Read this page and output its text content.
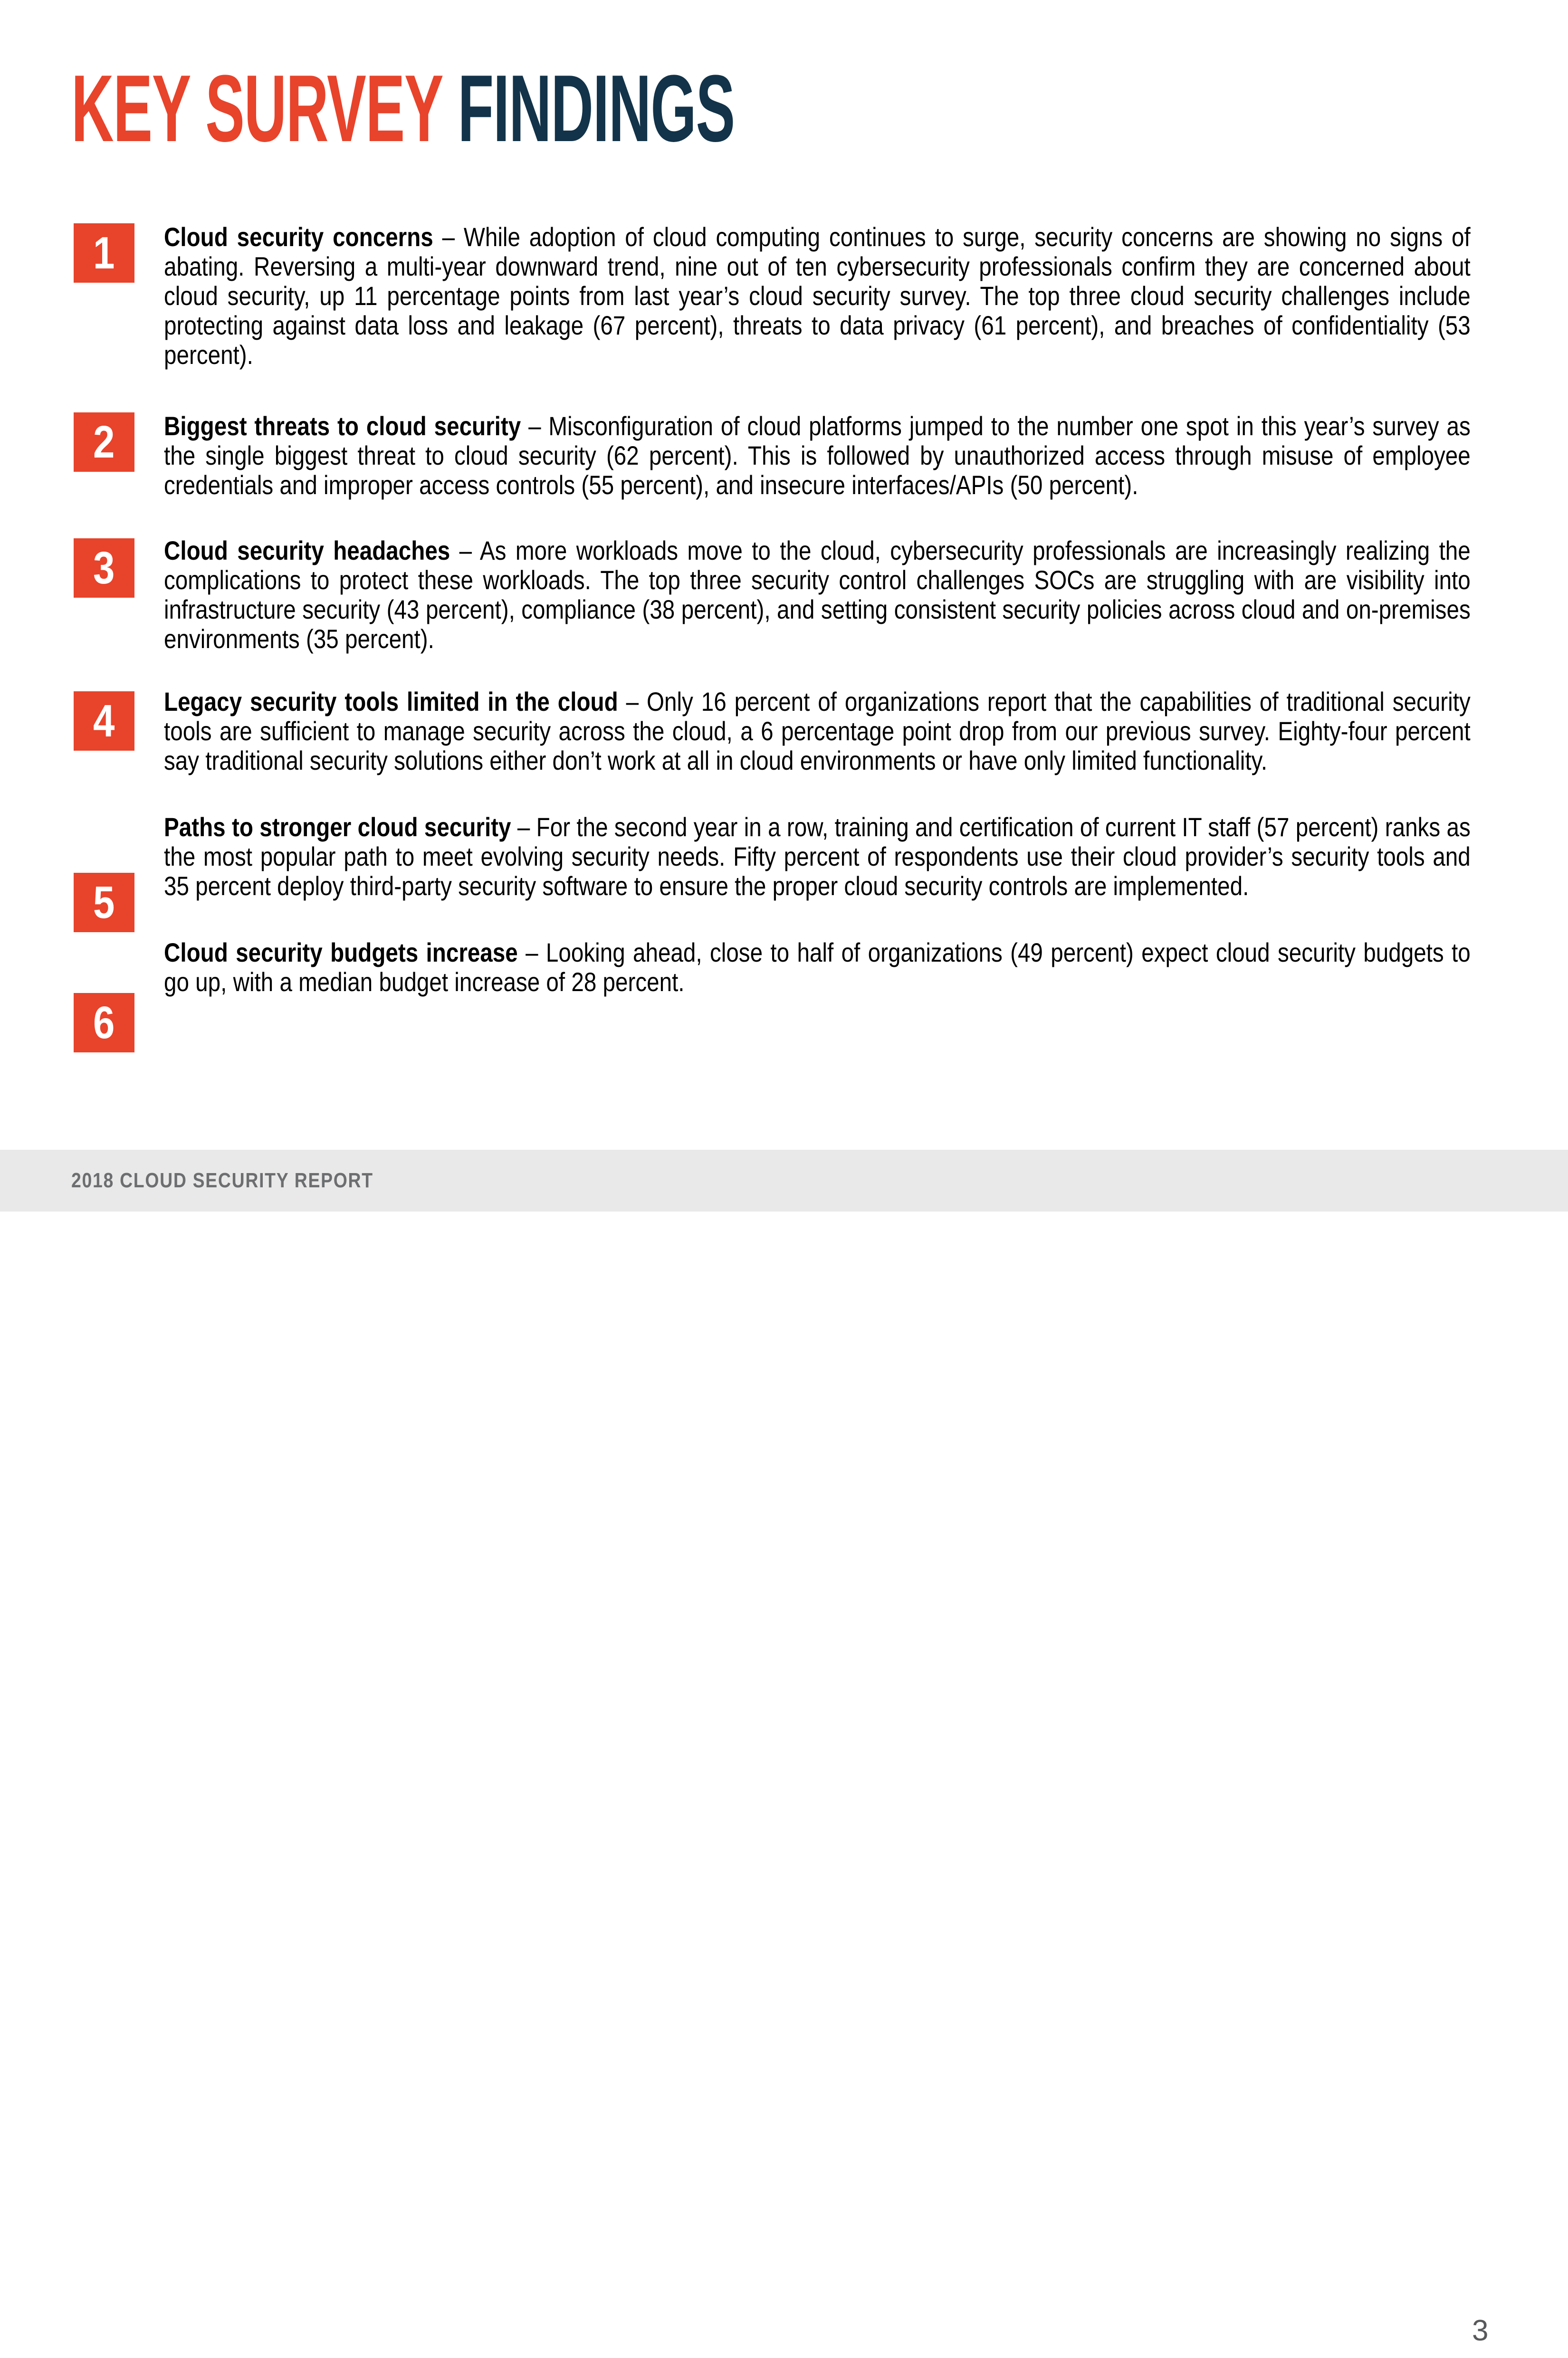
KEY SURVEY FINDINGS
1
2
3
4
5
6

Cloud security concerns – While adoption of cloud computing continues to surge, security concerns are showing no signs of abating. Reversing a multi-year downward trend, nine out of ten cybersecurity professionals confirm they are concerned about cloud security, up 11 percentage points from last year’s cloud security survey. The top three cloud security challenges include protecting against data loss and leakage (67 percent), threats to data privacy (61 percent), and breaches of confidentiality (53 percent).

Biggest threats to cloud security – Misconfiguration of cloud platforms jumped to the number one spot in this year’s survey as the single biggest threat to cloud security (62 percent). This is followed by unauthorized access through misuse of employee credentials and improper access controls (55 percent), and insecure interfaces/APIs (50 percent).

Cloud security headaches – As more workloads move to the cloud, cybersecurity professionals are increasingly realizing the complications to protect these workloads. The top three security control challenges SOCs are struggling with are visibility into infrastructure security (43 percent), compliance (38 percent), and setting consistent security policies across cloud and on-premises environments (35 percent).

Legacy security tools limited in the cloud – Only 16 percent of organizations report that the capabilities of traditional security tools are sufficient to manage security across the cloud, a 6 percentage point drop from our previous survey. Eighty-four percent say traditional security solutions either don’t work at all in cloud environments or have only limited functionality.

Paths to stronger cloud security – For the second year in a row, training and certification of current IT staff (57 percent) ranks as the most popular path to meet evolving security needs. Fifty percent of respondents use their cloud provider’s security tools and 35 percent deploy third-party security software to ensure the proper cloud security controls are implemented.

Cloud security budgets increase – Looking ahead, close to half of organizations (49 percent) expect cloud security budgets to go up, with a median budget increase of 28 percent.

2018 CLOUD SECURITY REPORT
3
